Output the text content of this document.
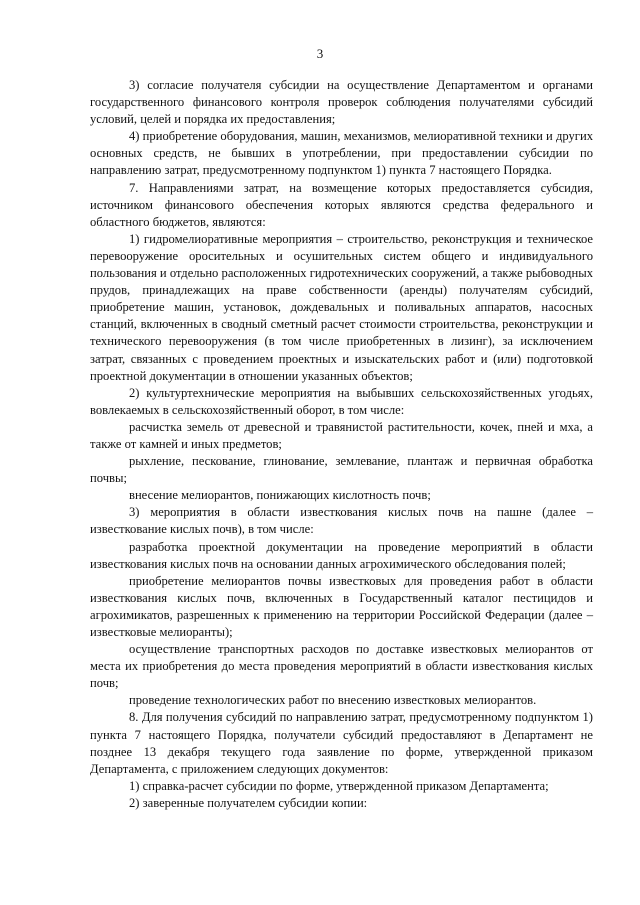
3

3) согласие получателя субсидии на осуществление Департаментом и органами государственного финансового контроля проверок соблюдения получателями субсидий условий, целей и порядка их предоставления;

4) приобретение оборудования, машин, механизмов, мелиоративной техники и других основных средств, не бывших в употреблении, при предоставлении субсидии по направлению затрат, предусмотренному подпунктом 1) пункта 7 настоящего Порядка.

7. Направлениями затрат, на возмещение которых предоставляется субсидия, источником финансового обеспечения которых являются средства федерального и областного бюджетов, являются:

1) гидромелиоративные мероприятия – строительство, реконструкция и техническое перевооружение оросительных и осушительных систем общего и индивидуального пользования и отдельно расположенных гидротехнических сооружений, а также рыбоводных прудов, принадлежащих на праве собственности (аренды) получателям субсидий, приобретение машин, установок, дождевальных и поливальных аппаратов, насосных станций, включенных в сводный сметный расчет стоимости строительства, реконструкции и технического перевооружения (в том числе приобретенных в лизинг), за исключением затрат, связанных с проведением проектных и изыскательских работ и (или) подготовкой проектной документации в отношении указанных объектов;

2) культуртехнические мероприятия на выбывших сельскохозяйственных угодьях, вовлекаемых в сельскохозяйственный оборот, в том числе:

расчистка земель от древесной и травянистой растительности, кочек, пней и мха, а также от камней и иных предметов;

рыхление, пескование, глинование, землевание, плантаж и первичная обработка почвы;

внесение мелиорантов, понижающих кислотность почв;

3) мероприятия в области известкования кислых почв на пашне (далее – известкование кислых почв), в том числе:

разработка проектной документации на проведение мероприятий в области известкования кислых почв на основании данных агрохимического обследования полей;

приобретение мелиорантов почвы известковых для проведения работ в области известкования кислых почв, включенных в Государственный каталог пестицидов и агрохимикатов, разрешенных к применению на территории Российской Федерации (далее – известковые мелиоранты);

осуществление транспортных расходов по доставке известковых мелиорантов от места их приобретения до места проведения мероприятий в области известкования кислых почв;

проведение технологических работ по внесению известковых мелиорантов.

8. Для получения субсидий по направлению затрат, предусмотренному подпунктом 1) пункта 7 настоящего Порядка, получатели субсидий предоставляют в Департамент не позднее 13 декабря текущего года заявление по форме, утвержденной приказом Департамента, с приложением следующих документов:

1) справка-расчет субсидии по форме, утвержденной приказом Департамента;

2) заверенные получателем субсидии копии:
